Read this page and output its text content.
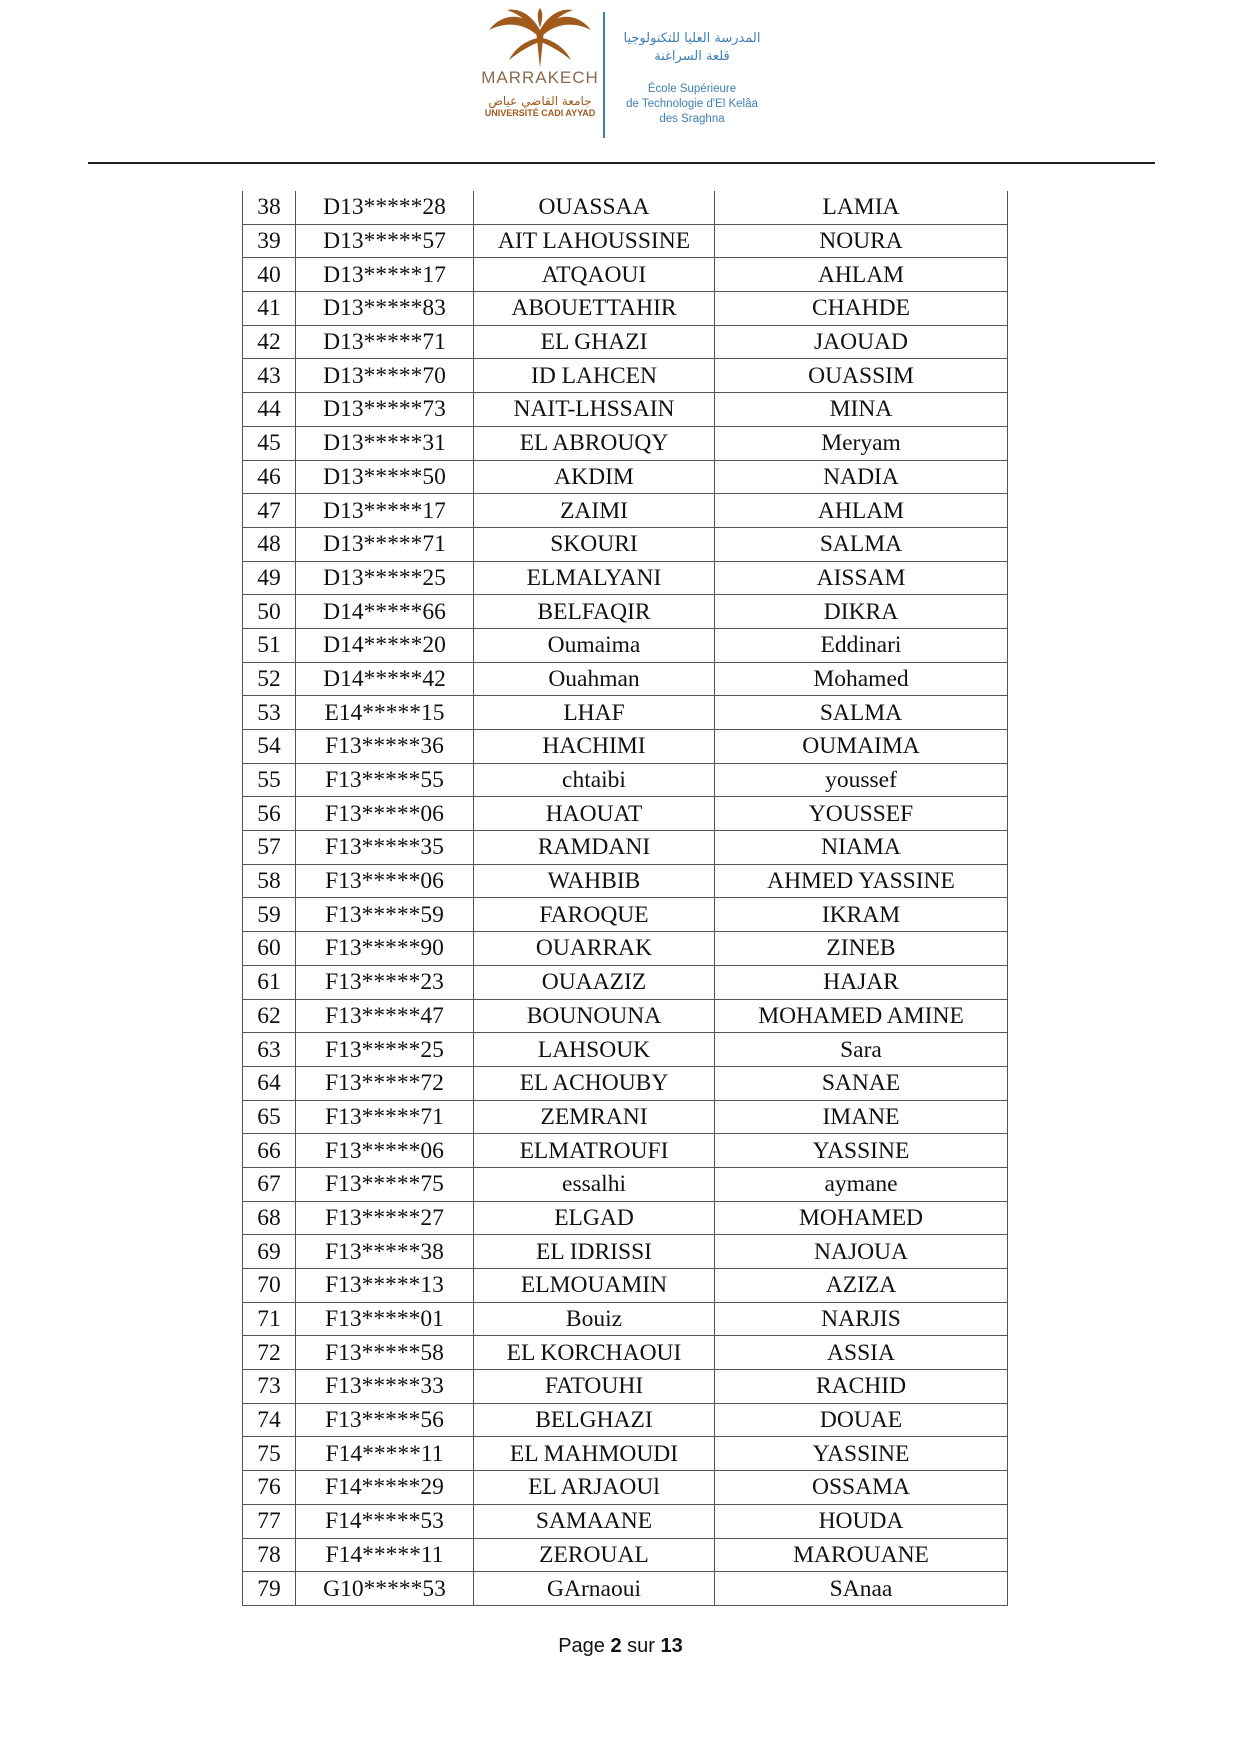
MARRAKECH
جامعة القاضي عياض
UNIVERSITÉ CADI AYYAD
المدرسة العليا للتكنولوجيا
قلعة السراغنة
École Supérieure
de Technologie d'El Kelâa
des Sraghna
38	D13*****28	OUASSAA	LAMIA
39	D13*****57	AIT LAHOUSSINE	NOURA
40	D13*****17	ATQAOUI	AHLAM
41	D13*****83	ABOUETTAHIR	CHAHDE
42	D13*****71	EL GHAZI	JAOUAD
43	D13*****70	ID LAHCEN	OUASSIM
44	D13*****73	NAIT-LHSSAIN	MINA
45	D13*****31	EL ABROUQY	Meryam
46	D13*****50	AKDIM	NADIA
47	D13*****17	ZAIMI	AHLAM
48	D13*****71	SKOURI	SALMA
49	D13*****25	ELMALYANI	AISSAM
50	D14*****66	BELFAQIR	DIKRA
51	D14*****20	Oumaima	Eddinari
52	D14*****42	Ouahman	Mohamed
53	E14*****15	LHAF	SALMA
54	F13*****36	HACHIMI	OUMAIMA
55	F13*****55	chtaibi	youssef
56	F13*****06	HAOUAT	YOUSSEF
57	F13*****35	RAMDANI	NIAMA
58	F13*****06	WAHBIB	AHMED YASSINE
59	F13*****59	FAROQUE	IKRAM
60	F13*****90	OUARRAK	ZINEB
61	F13*****23	OUAAZIZ	HAJAR
62	F13*****47	BOUNOUNA	MOHAMED AMINE
63	F13*****25	LAHSOUK	Sara
64	F13*****72	EL ACHOUBY	SANAE
65	F13*****71	ZEMRANI	IMANE
66	F13*****06	ELMATROUFI	YASSINE
67	F13*****75	essalhi	aymane
68	F13*****27	ELGAD	MOHAMED
69	F13*****38	EL IDRISSI	NAJOUA
70	F13*****13	ELMOUAMIN	AZIZA
71	F13*****01	Bouiz	NARJIS
72	F13*****58	EL KORCHAOUI	ASSIA
73	F13*****33	FATOUHI	RACHID
74	F13*****56	BELGHAZI	DOUAE
75	F14*****11	EL MAHMOUDI	YASSINE
76	F14*****29	EL ARJAOUl	OSSAMA
77	F14*****53	SAMAANE	HOUDA
78	F14*****11	ZEROUAL	MAROUANE
79	G10*****53	GArnaoui	SAnaa
Page 2 sur 13
